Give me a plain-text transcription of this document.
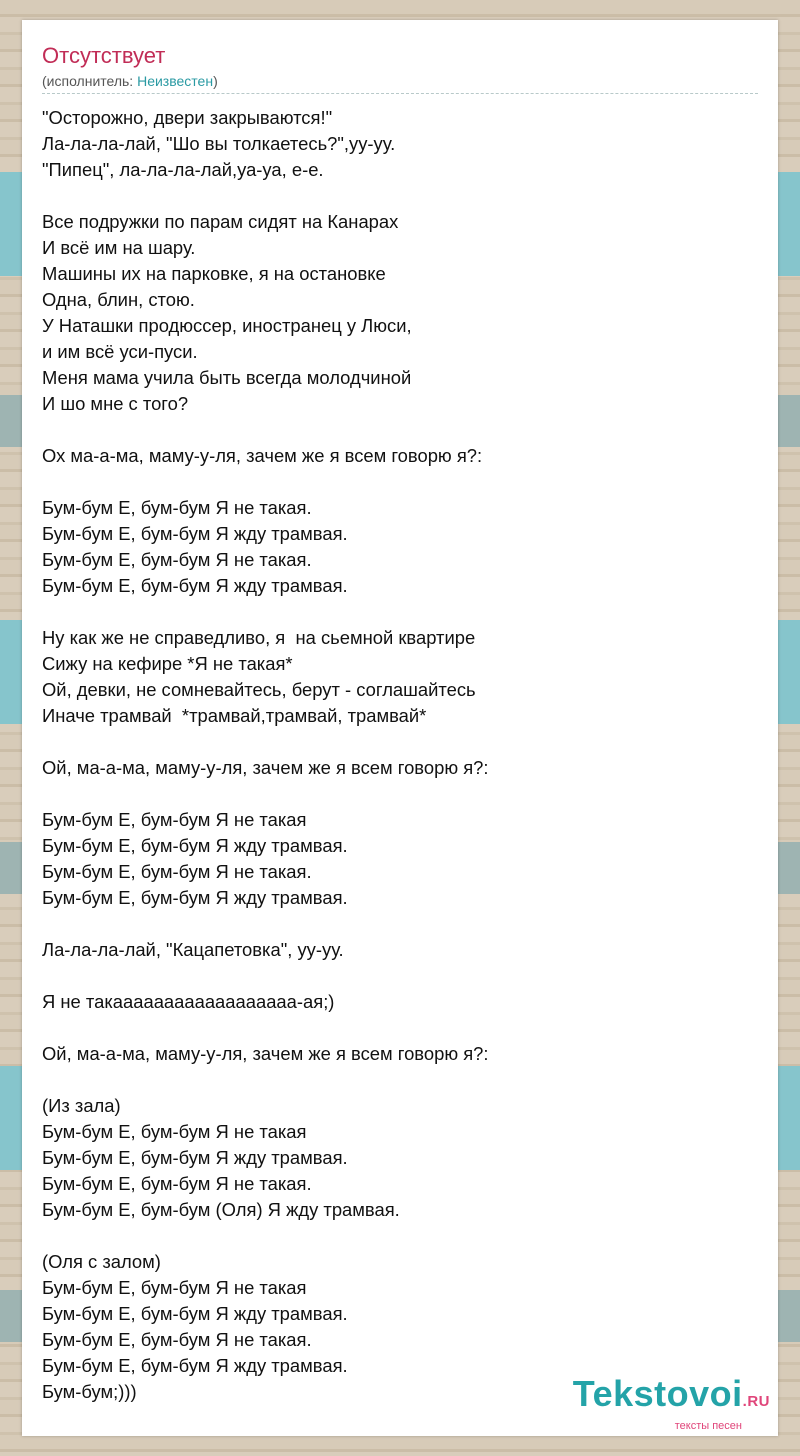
Отсутствует
(исполнитель: Неизвестен)
"Осторожно, двери закрываются!"
Ла-ла-ла-лай, "Шо вы толкаетесь?",уу-уу.
"Пипец", ла-ла-ла-лай,уа-уа, е-е.
Все подружки по парам сидят на Канарах
И всё им на шару.
Машины их на парковке, я на остановке
Одна, блин, стою.
У Наташки продюссер, иностранец у Люси,
и им всё уси-пуси.
Меня мама учила быть всегда молодчиной
И шо мне с того?
Ох ма-а-ма, маму-у-ля, зачем же я всем говорю я?:
Бум-бум Е, бум-бум Я не такая.
Бум-бум Е, бум-бум Я жду трамвая.
Бум-бум Е, бум-бум Я не такая.
Бум-бум Е, бум-бум Я жду трамвая.
Ну как же не справедливо, я  на сьемной квартире
Сижу на кефире *Я не такая*
Ой, девки, не сомневайтесь, берут - соглашайтесь
Иначе трамвай  *трамвай,трамвай, трамвай*
Ой, ма-а-ма, маму-у-ля, зачем же я всем говорю я?:
Бум-бум Е, бум-бум Я не такая
Бум-бум Е, бум-бум Я жду трамвая.
Бум-бум Е, бум-бум Я не такая.
Бум-бум Е, бум-бум Я жду трамвая.
Ла-ла-ла-лай, "Кацапетовка", уу-уу.
Я не такаааааааааааааааааа-ая;)
Ой, ма-а-ма, маму-у-ля, зачем же я всем говорю я?:
(Из зала)
Бум-бум Е, бум-бум Я не такая
Бум-бум Е, бум-бум Я жду трамвая.
Бум-бум Е, бум-бум Я не такая.
Бум-бум Е, бум-бум (Оля) Я жду трамвая.
(Оля с залом)
Бум-бум Е, бум-бум Я не такая
Бум-бум Е, бум-бум Я жду трамвая.
Бум-бум Е, бум-бум Я не такая.
Бум-бум Е, бум-бум Я жду трамвая.
Бум-бум;)))	Tekstovoi.RU
тексты песен
